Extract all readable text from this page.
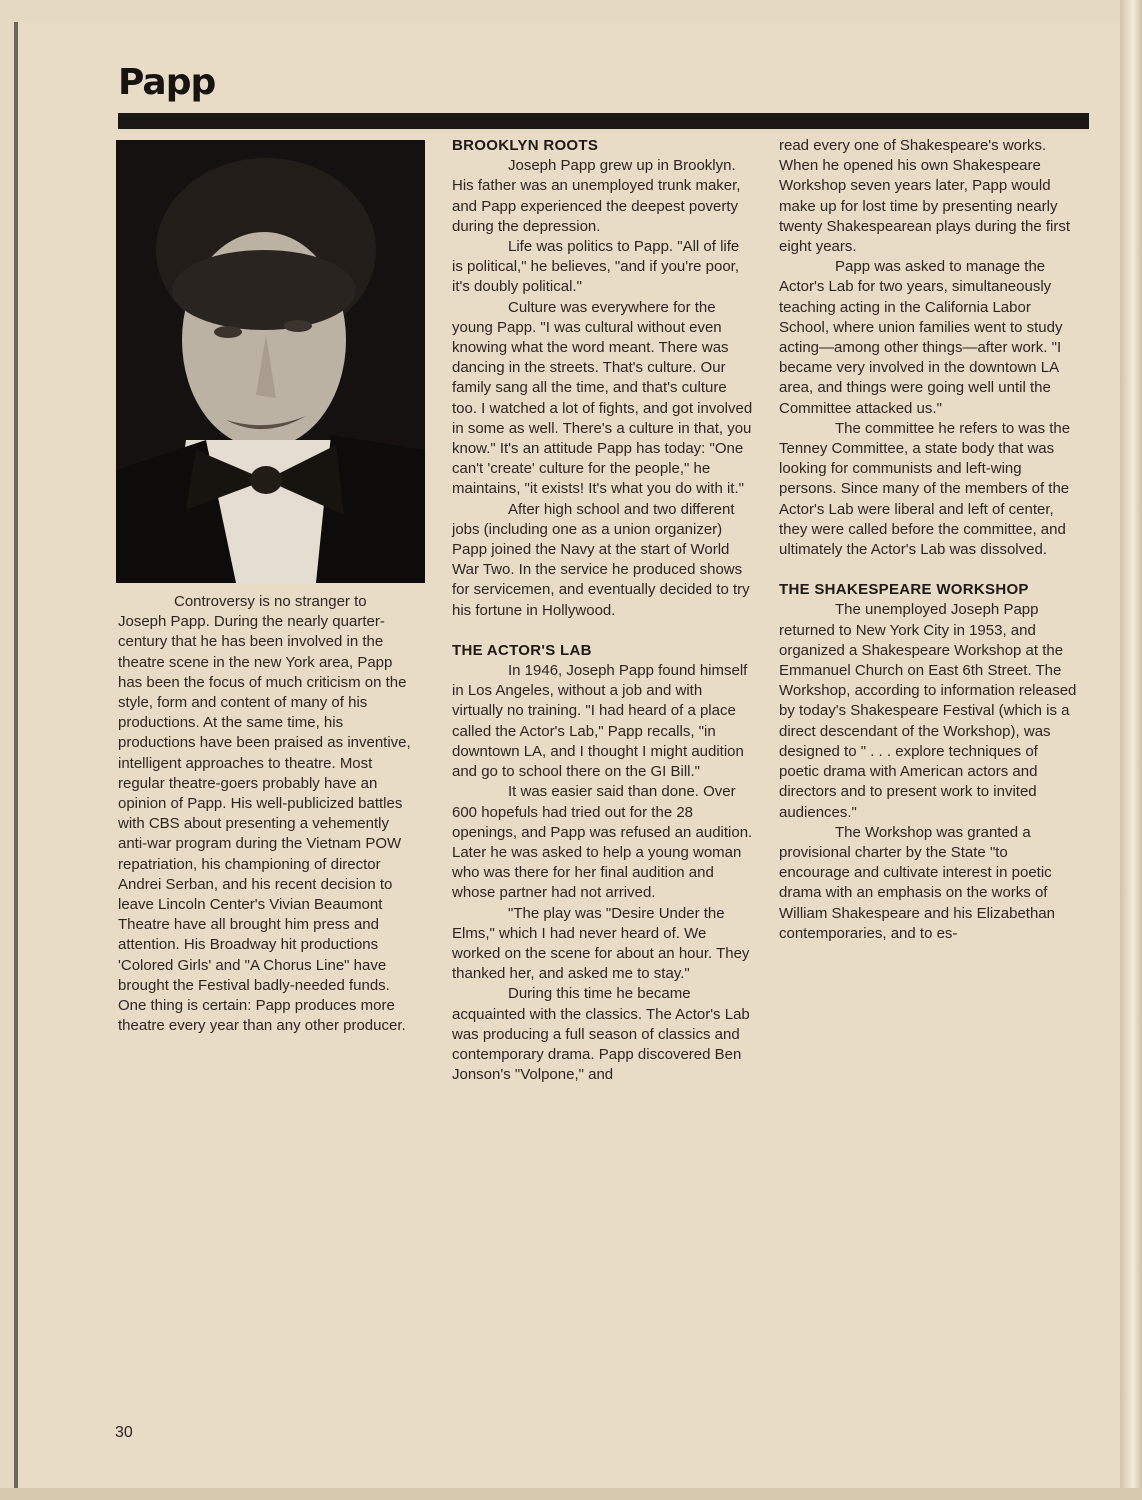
Papp

Controversy is no stranger to Joseph Papp. During the nearly quarter-century that he has been involved in the theatre scene in the new York area, Papp has been the focus of much criticism on the style, form and content of many of his productions. At the same time, his productions have been praised as inventive, intelligent approaches to theatre. Most regular theatre-goers probably have an opinion of Papp. His well-publicized battles with CBS about presenting a vehemently anti-war program during the Vietnam POW repatriation, his championing of director Andrei Serban, and his recent decision to leave Lincoln Center's Vivian Beaumont Theatre have all brought him press and attention. His Broadway hit productions 'Colored Girls' and "A Chorus Line" have brought the Festival badly-needed funds. One thing is certain: Papp produces more theatre every year than any other producer.

BROOKLYN ROOTS

Joseph Papp grew up in Brooklyn. His father was an unemployed trunk maker, and Papp experienced the deepest poverty during the depression.

Life was politics to Papp. "All of life is political," he believes, "and if you're poor, it's doubly political."

Culture was everywhere for the young Papp. "I was cultural without even knowing what the word meant. There was dancing in the streets. That's culture. Our family sang all the time, and that's culture too. I watched a lot of fights, and got involved in some as well. There's a culture in that, you know." It's an attitude Papp has today: "One can't 'create' culture for the people," he maintains, "it exists! It's what you do with it."

After high school and two different jobs (including one as a union organizer) Papp joined the Navy at the start of World War Two. In the service he produced shows for servicemen, and eventually decided to try his fortune in Hollywood.

THE ACTOR'S LAB

In 1946, Joseph Papp found himself in Los Angeles, without a job and with virtually no training. "I had heard of a place called the Actor's Lab," Papp recalls, "in downtown LA, and I thought I might audition and go to school there on the GI Bill."

It was easier said than done. Over 600 hopefuls had tried out for the 28 openings, and Papp was refused an audition. Later he was asked to help a young woman who was there for her final audition and whose partner had not arrived.

"The play was "Desire Under the Elms," which I had never heard of. We worked on the scene for about an hour. They thanked her, and asked me to stay."

During this time he became acquainted with the classics. The Actor's Lab was producing a full season of classics and contemporary drama. Papp discovered Ben Jonson's "Volpone," and

read every one of Shakespeare's works. When he opened his own Shakespeare Workshop seven years later, Papp would make up for lost time by presenting nearly twenty Shakespearean plays during the first eight years.

Papp was asked to manage the Actor's Lab for two years, simultaneously teaching acting in the California Labor School, where union families went to study acting—among other things—after work. "I became very involved in the downtown LA area, and things were going well until the Committee attacked us."

The committee he refers to was the Tenney Committee, a state body that was looking for communists and left-wing persons. Since many of the members of the Actor's Lab were liberal and left of center, they were called before the committee, and ultimately the Actor's Lab was dissolved.

THE SHAKESPEARE WORKSHOP

The unemployed Joseph Papp returned to New York City in 1953, and organized a Shakespeare Workshop at the Emmanuel Church on East 6th Street. The Workshop, according to information released by today's Shakespeare Festival (which is a direct descendant of the Workshop), was designed to " . . . explore techniques of poetic drama with American actors and directors and to present work to invited audiences."

The Workshop was granted a provisional charter by the State "to encourage and cultivate interest in poetic drama with an emphasis on the works of William Shakespeare and his Elizabethan contemporaries, and to es-

30
